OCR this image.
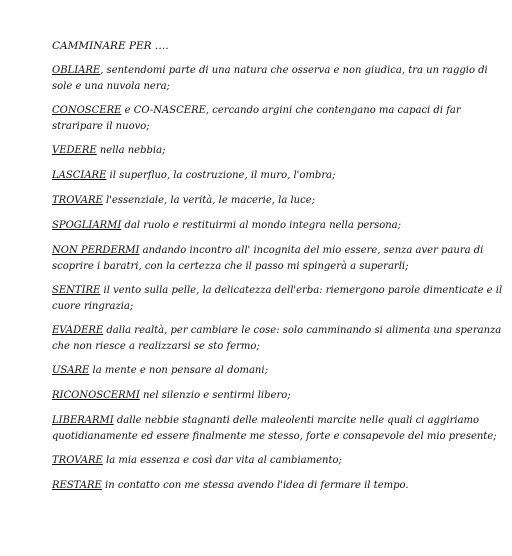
CAMMINARE PER ….

OBLIARE, sentendomi parte di una natura che osserva e non giudica, tra un raggio di sole e una nuvola nera;

CONOSCERE e CO-NASCERE, cercando argini che contengano ma capaci di far straripare il nuovo;

VEDERE nella nebbia;

LASCIARE il superfluo, la costruzione, il muro, l'ombra;

TROVARE l'essenziale, la verità, le macerie, la luce;

SPOGLIARMI dal ruolo e restituirmi al mondo integra nella persona;

NON PERDERMI andando incontro all' incognita del mio essere, senza aver paura di scoprire i baratri, con la certezza che il passo mi spingerà a superarli;

SENTIRE il vento sulla pelle, la delicatezza dell'erba: riemergono parole dimenticate e il cuore ringrazia;

EVADERE dalla realtà, per cambiare le cose: solo camminando si alimenta una speranza che non riesce a realizzarsi se sto fermo;

USARE la mente e non pensare al domani;

RICONOSCERMI nel silenzio e sentirmi libero;

LIBERARMI dalle nebbie stagnanti delle maleolenti marcite nelle quali ci aggiriamo quotidianamente ed essere finalmente me stesso, forte e consapevole del mio presente;

TROVARE la mia essenza e così dar vita al cambiamento;

RESTARE in contatto con me stessa avendo l'idea di fermare il tempo.
